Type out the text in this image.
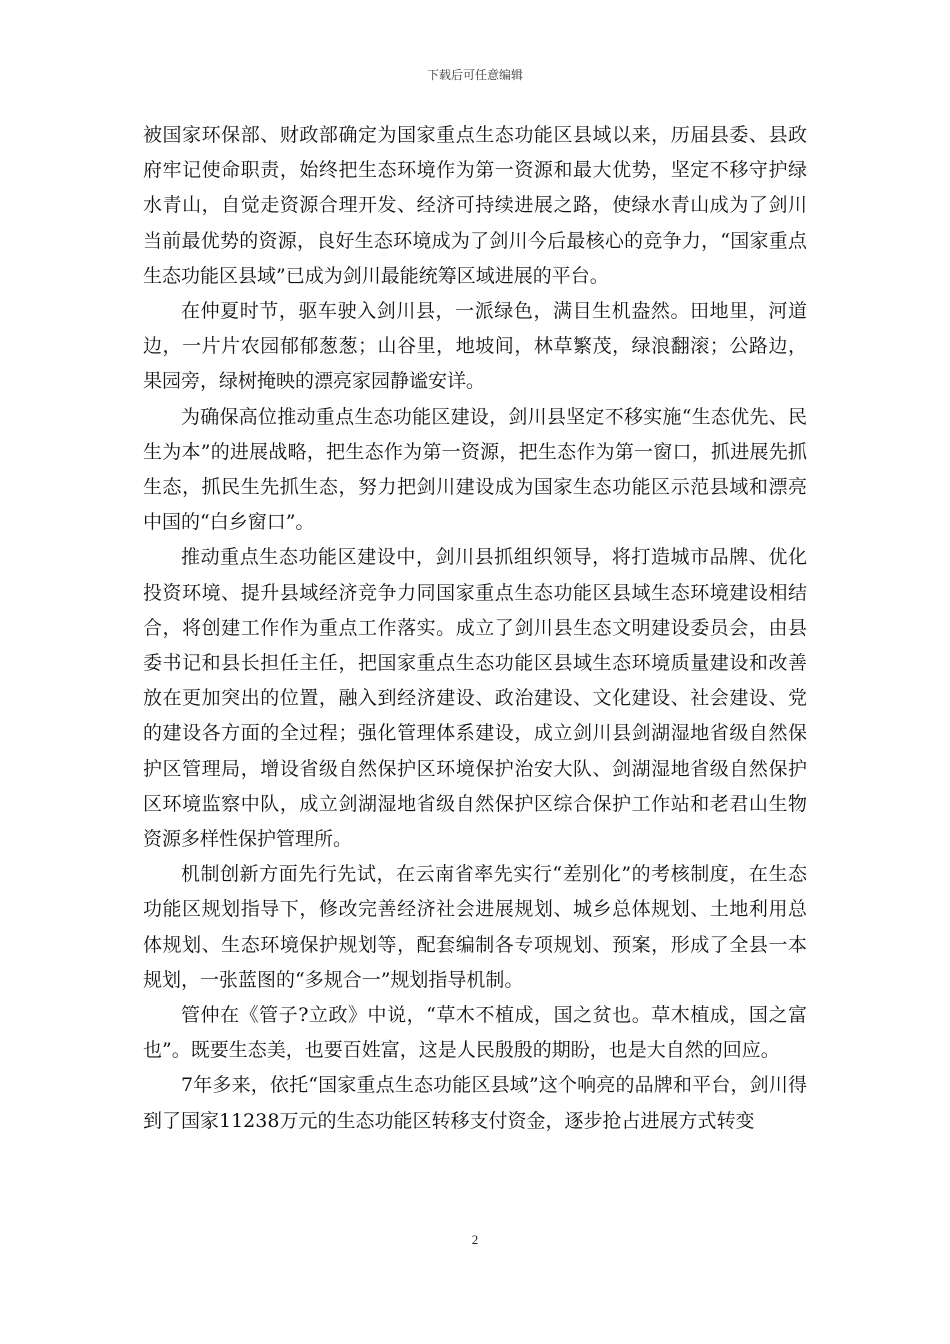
下载后可任意编辑

被国家环保部、财政部确定为国家重点生态功能区县域以来，历届县委、县政府牢记使命职责，始终把生态环境作为第一资源和最大优势，坚定不移守护绿水青山，自觉走资源合理开发、经济可持续进展之路，使绿水青山成为了剑川当前最优势的资源，良好生态环境成为了剑川今后最核心的竞争力，“国家重点生态功能区县域”已成为剑川最能统筹区域进展的平台。

在仲夏时节，驱车驶入剑川县，一派绿色，满目生机盎然。田地里，河道边，一片片农园郁郁葱葱；山谷里，地坡间，林草繁茂，绿浪翻滚；公路边，果园旁，绿树掩映的漂亮家园静谧安详。

为确保高位推动重点生态功能区建设，剑川县坚定不移实施“生态优先、民生为本”的进展战略，把生态作为第一资源，把生态作为第一窗口，抓进展先抓生态，抓民生先抓生态，努力把剑川建设成为国家生态功能区示范县域和漂亮中国的“白乡窗口”。

推动重点生态功能区建设中，剑川县抓组织领导，将打造城市品牌、优化投资环境、提升县域经济竞争力同国家重点生态功能区县域生态环境建设相结合，将创建工作作为重点工作落实。成立了剑川县生态文明建设委员会，由县委书记和县长担任主任，把国家重点生态功能区县域生态环境质量建设和改善放在更加突出的位置，融入到经济建设、政治建设、文化建设、社会建设、党的建设各方面的全过程；强化管理体系建设，成立剑川县剑湖湿地省级自然保护区管理局，增设省级自然保护区环境保护治安大队、剑湖湿地省级自然保护区环境监察中队，成立剑湖湿地省级自然保护区综合保护工作站和老君山生物资源多样性保护管理所。

机制创新方面先行先试，在云南省率先实行“差别化”的考核制度，在生态功能区规划指导下，修改完善经济社会进展规划、城乡总体规划、土地利用总体规划、生态环境保护规划等，配套编制各专项规划、预案，形成了全县一本规划，一张蓝图的“多规合一”规划指导机制。

管仲在《管子?立政》中说，“草木不植成，国之贫也。草木植成，国之富也”。既要生态美，也要百姓富，这是人民殷殷的期盼，也是大自然的回应。

7年多来，依托“国家重点生态功能区县域”这个响亮的品牌和平台，剑川得到了国家11238万元的生态功能区转移支付资金，逐步抢占进展方式转变

2
